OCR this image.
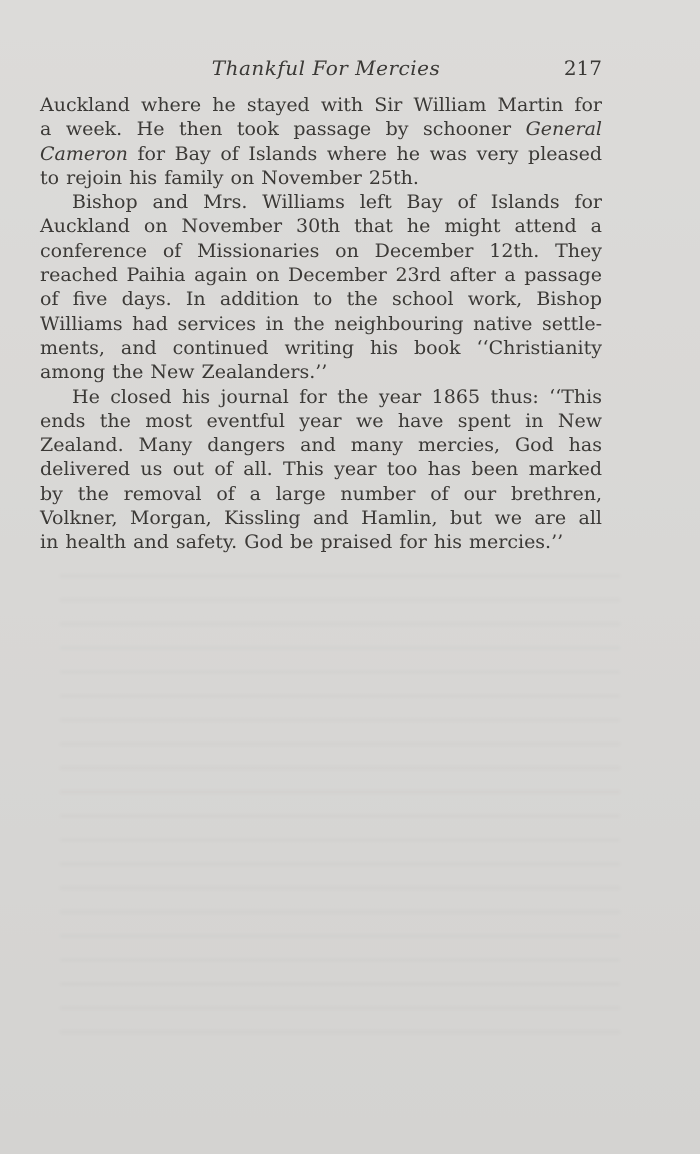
Thankful For Mercies	217
Auckland where he stayed with Sir William Martin for
a week. He then took passage by schooner General
Cameron for Bay of Islands where he was very pleased
to rejoin his family on November 25th.
Bishop and Mrs. Williams left Bay of Islands for
Auckland on November 30th that he might attend a
conference of Missionaries on December 12th. They
reached Paihia again on December 23rd after a passage
of five days. In addition to the school work, Bishop
Williams had services in the neighbouring native settle-
ments, and continued writing his book ‘‘Christianity
among the New Zealanders.’’
He closed his journal for the year 1865 thus: ‘‘This
ends the most eventful year we have spent in New
Zealand. Many dangers and many mercies, God has
delivered us out of all. This year too has been marked
by the removal of a large number of our brethren,
Volkner, Morgan, Kissling and Hamlin, but we are all
in health and safety. God be praised for his mercies.’’
